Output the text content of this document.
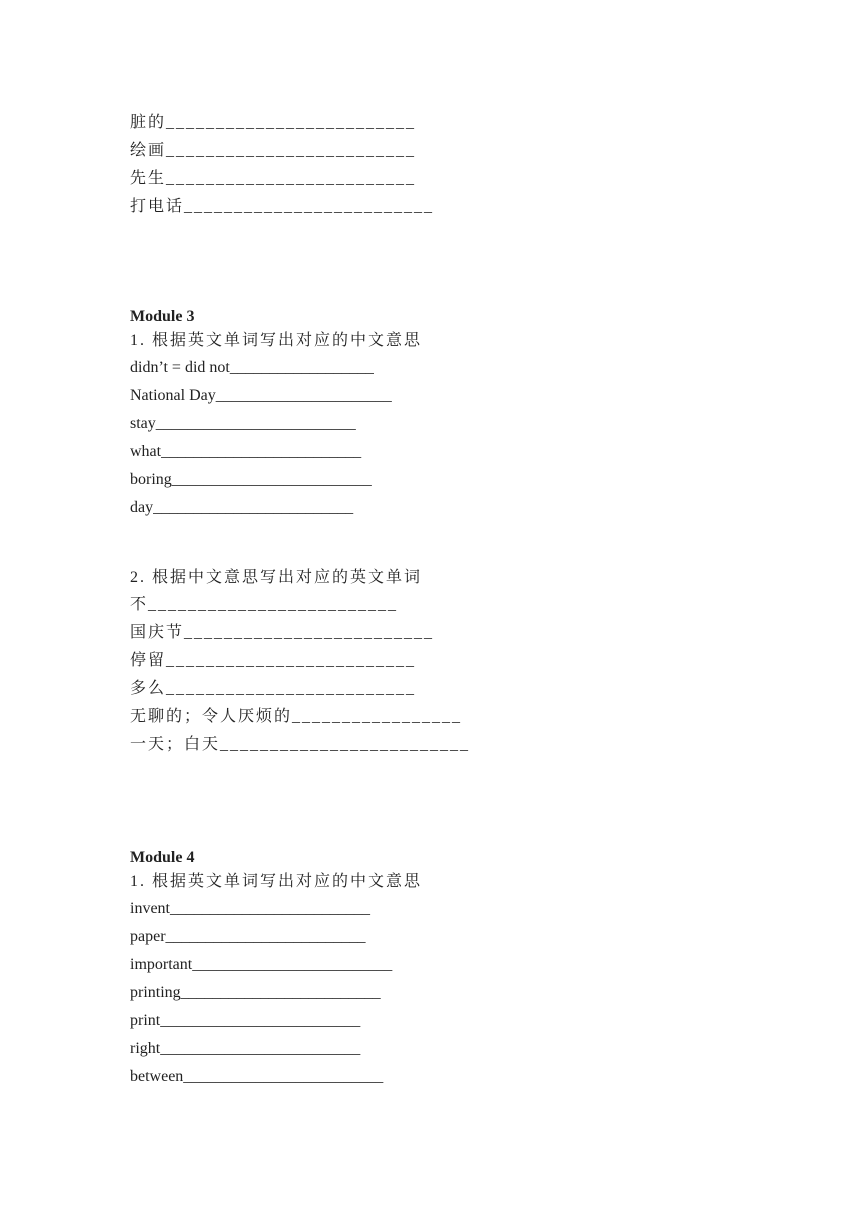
脏的_________________________
绘画_________________________
先生_________________________
打电话_________________________
Module 3
1. 根据英文单词写出对应的中文意思
didn’t = did not__________________
National Day______________________
stay_________________________
what_________________________
boring_________________________
day_________________________
2. 根据中文意思写出对应的英文单词
不_________________________
国庆节_________________________
停留_________________________
多么_________________________
无聊的；令人厌烦的_________________
一天；白天_________________________
Module 4
1. 根据英文单词写出对应的中文意思
invent_________________________
paper_________________________
important_________________________
printing_________________________
print_________________________
right_________________________
between_________________________
